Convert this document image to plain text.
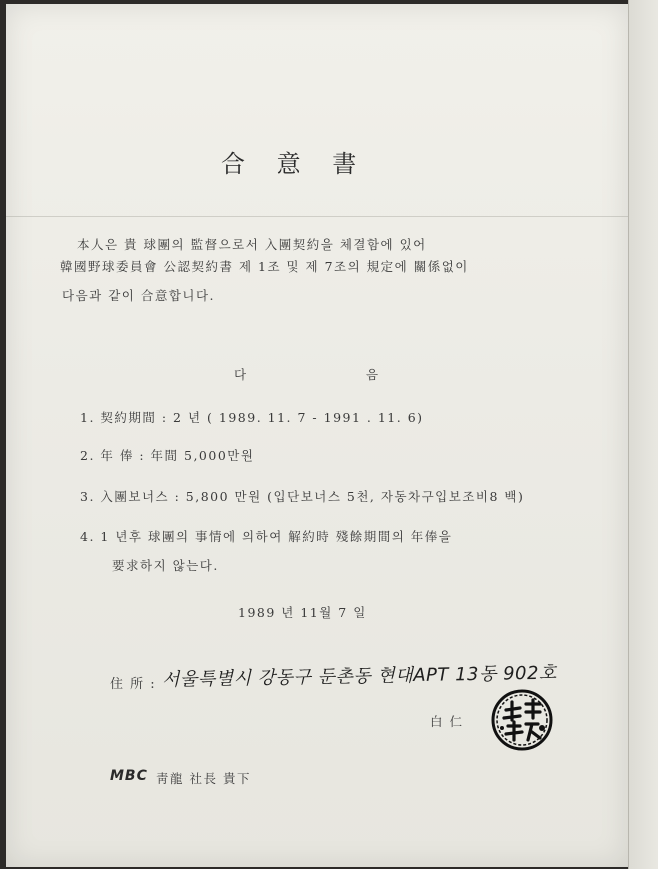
合 意 書
本人은 貴 球團의 監督으로서 入團契約을 체결함에 있어
韓國野球委員會 公認契約書 제 1조 및 제 7조의 規定에 關係없이
다음과 같이 合意합니다.
다	음
1. 契約期間 : 2 년 ( 1989. 11. 7 - 1991 . 11. 6)
2. 年 俸 : 年間 5,000만원
3. 入團보너스 : 5,800 만원 (입단보너스 5천, 자동차구입보조비8 백)
4. 1 년후 球團의 事情에 의하여 解約時 殘餘期間의 年俸을
要求하지 않는다.
1989 년 11월 7 일
住 所 : 서울특별시 강동구 둔촌동 현대APT 13동 902호
白 仁
MBC 靑龍 社長 貴下
